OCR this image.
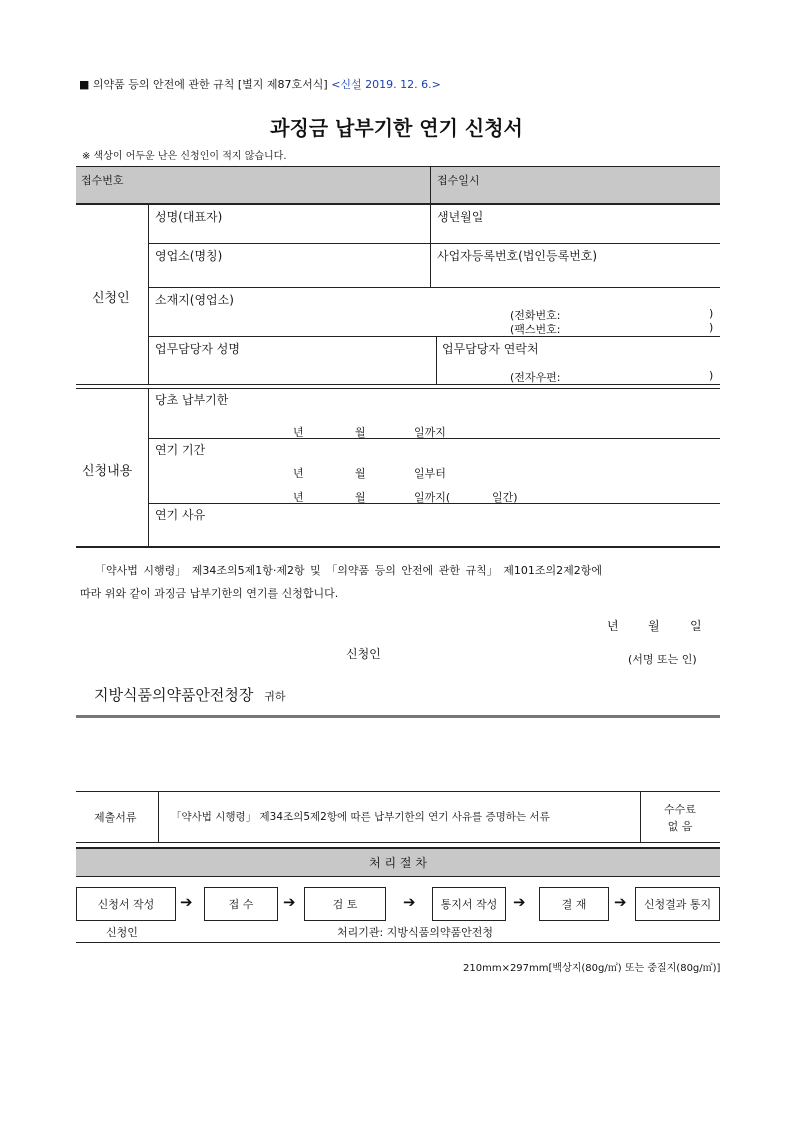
■ 의약품 등의 안전에 관한 규칙 [별지 제87호서식] <신설 2019. 12. 6.>
과징금 납부기한 연기 신청서
※ 색상이 어두운 난은 신청인이 적지 않습니다.
접수번호	접수일시
신청인
성명(대표자)	생년월일
영업소(명칭)	사업자등록번호(법인등록번호)
소재지(영업소)
(전화번호:	)
(팩스번호:	)
업무담당자 성명	업무담당자 연락처
(전자우편:	)
신청내용
당초 납부기한
년	월	일까지
연기 기간
년	월	일부터
년	월	일까지(	일간)
연기 사유
「약사법 시행령」 제34조의5제1항·제2항 및 「의약품 등의 안전에 관한 규칙」 제101조의2제2항에
따라 위와 같이 과징금 납부기한의 연기를 신청합니다.
년 월	일
신청인	(서명 또는 인)
지방식품의약품안전청장 귀하
제출서류	「약사법 시행령」 제34조의5제2항에 따른 납부기한의 연기 사유를 증명하는 서류
수수료
없 음
처 리 절 차
신청서 작성 ➔	접 수 ➔	검 토	➔ 통지서 작성 ➔	결 재 ➔ 신청결과 통지
신청인	처리기관: 지방식품의약품안전청
210mm×297mm[백상지(80g/㎡) 또는 중질지(80g/㎡)]
